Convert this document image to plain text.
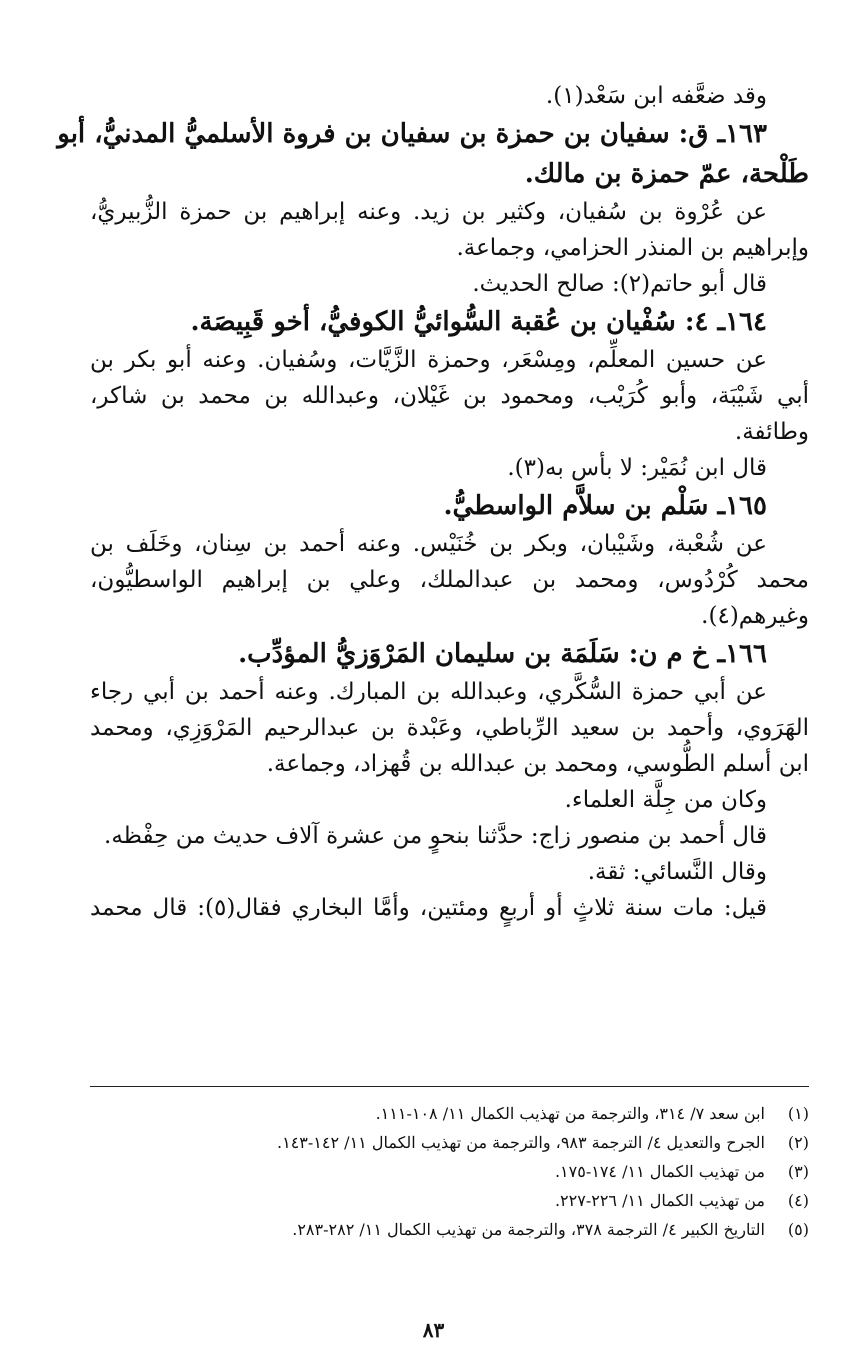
وقد ضعَّفه ابن سَعْد(١).
١٦٣ـ ق: سفيان بن حمزة بن سفيان بن فروة الأسلميُّ المدنيُّ، أبو
طَلْحة، عمّ حمزة بن مالك.
عن عُرْوة بن سُفيان، وكثير بن زيد. وعنه إبراهيم بن حمزة الزُّبيريُّ،
وإبراهيم بن المنذر الحزامي، وجماعة.
قال أبو حاتم(٢): صالح الحديث.
١٦٤ـ ٤: سُفْيان بن عُقبة السُّوائيُّ الكوفيُّ، أخو قَبِيصَة.
عن حسين المعلِّم، ومِسْعَر، وحمزة الزَّيَّات، وسُفيان. وعنه أبو بكر بن
أبي شَيْبَة، وأبو كُرَيْب، ومحمود بن غَيْلان، وعبدالله بن محمد بن شاكر،
وطائفة.
قال ابن نُمَيْر: لا بأس به(٣).
١٦٥ـ سَلْم بن سلاَّم الواسطيُّ.
عن شُعْبة، وشَيْبان، وبكر بن خُنَيْس. وعنه أحمد بن سِنان، وخَلَف بن
محمد كُرْدُوس، ومحمد بن عبدالملك، وعلي بن إبراهيم الواسطيُّون،
وغيرهم(٤).
١٦٦ـ خ م ن: سَلَمَة بن سليمان المَرْوَزيُّ المؤدِّب.
عن أبي حمزة السُّكَّري، وعبدالله بن المبارك. وعنه أحمد بن أبي رجاء
الهَرَوي، وأحمد بن سعيد الرِّباطي، وعَبْدة بن عبدالرحيم المَرْوَزِي، ومحمد
ابن أسلم الطُّوسي، ومحمد بن عبدالله بن قُهزاد، وجماعة.
وكان من جِلَّة العلماء.
قال أحمد بن منصور زاج: حدَّثنا بنحوٍ من عشرة آلاف حديث من حِفْظه.
وقال النَّسائي: ثقة.
قيل: مات سنة ثلاثٍ أو أربعٍ ومئتين، وأمَّا البخاري فقال(٥): قال محمد
(١)
ابن سعد ٧/ ٣١٤، والترجمة من تهذيب الكمال ١١/ ١٠٨-١١١.
(٢)
الجرح والتعديل ٤/ الترجمة ٩٨٣، والترجمة من تهذيب الكمال ١١/ ١٤٢-١٤٣.
(٣)
من تهذيب الكمال ١١/ ١٧٤-١٧٥.
(٤)
من تهذيب الكمال ١١/ ٢٢٦-٢٢٧.
(٥)
التاريخ الكبير ٤/ الترجمة ٣٧٨، والترجمة من تهذيب الكمال ١١/ ٢٨٢-٢٨٣.
٨٣
